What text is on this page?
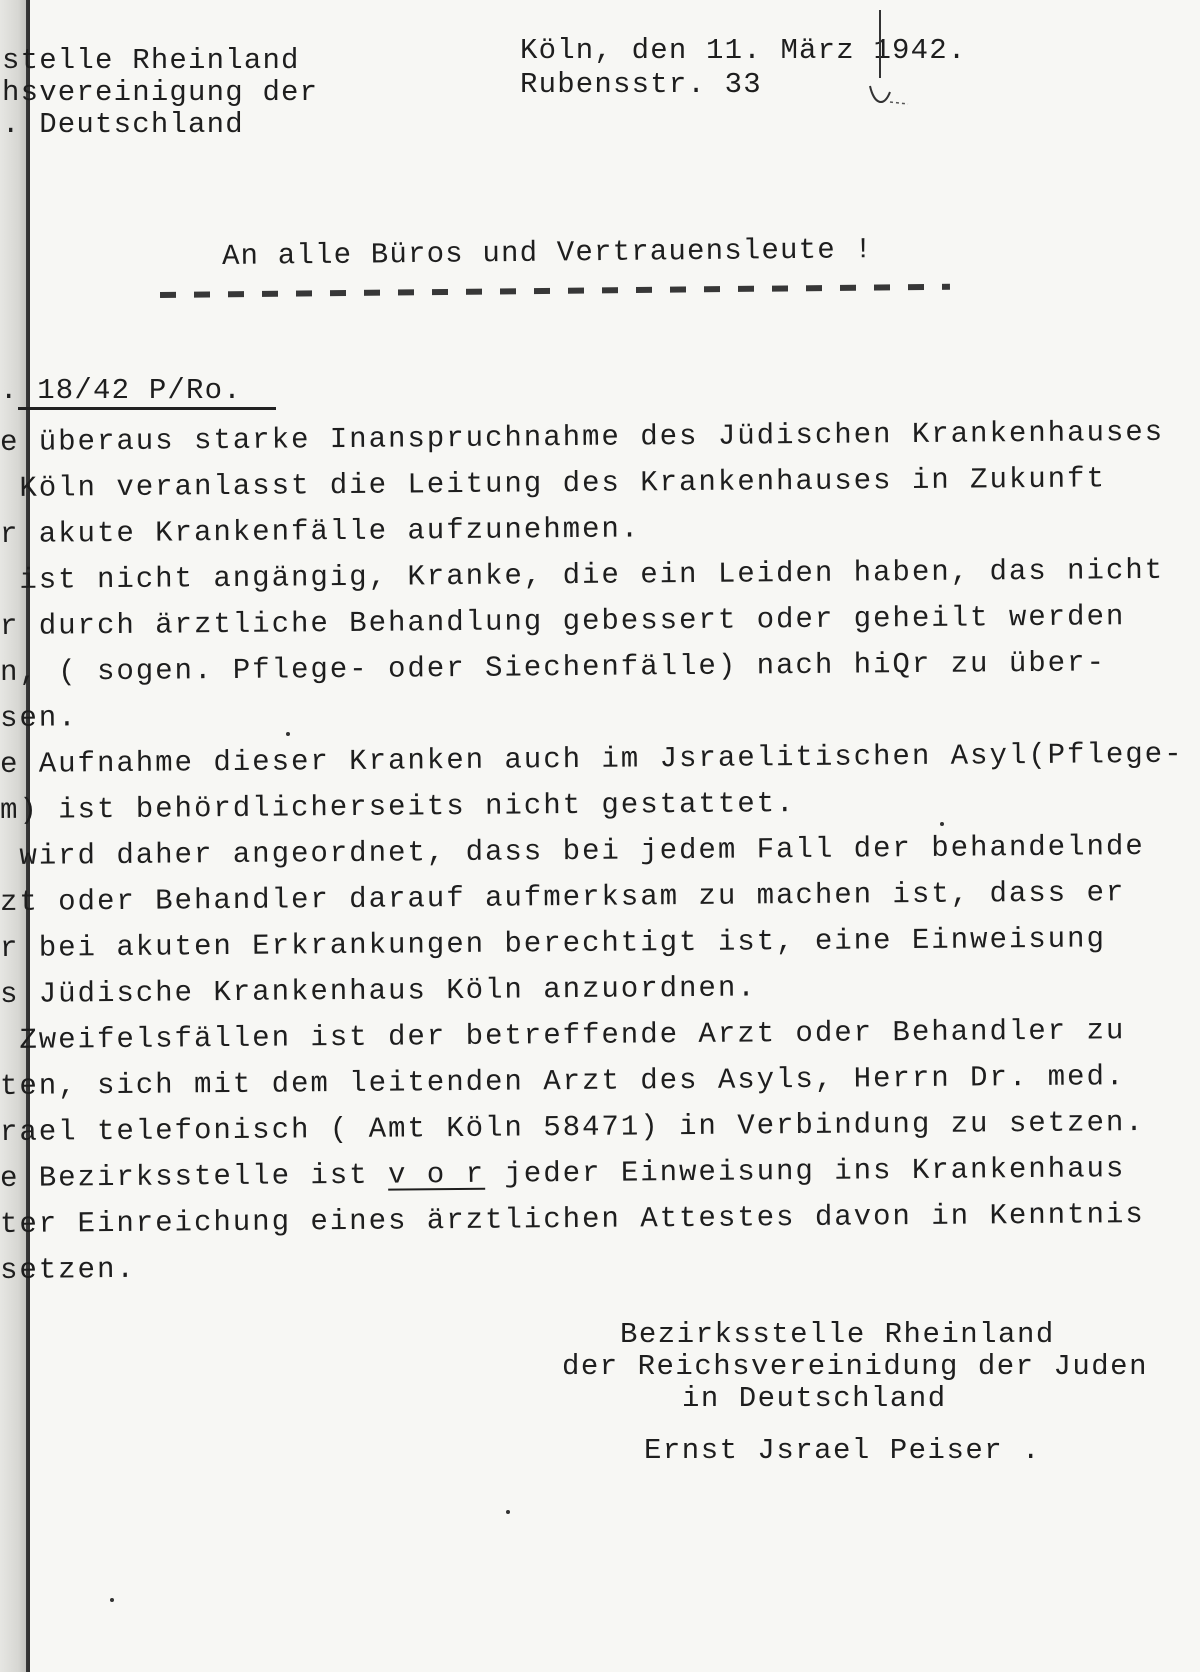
stelle Rheinland
hsvereinigung der
. Deutschland
Köln, den 11. März 1942.
Rubensstr. 33
An alle Büros und Vertrauensleute !
. 18/42 P/Ro.
e überaus starke Inanspruchnahme des Jüdischen Krankenhauses
Köln veranlasst die Leitung des Krankenhauses in Zukunft
r akute Krankenfälle aufzunehmen.
ist nicht angängig, Kranke, die ein Leiden haben, das nicht
r durch ärztliche Behandlung gebessert oder geheilt werden
n, ( sogen. Pflege- oder Siechenfälle) nach hiQr zu über-
sen.
e Aufnahme dieser Kranken auch im Jsraelitischen Asyl(Pflege-
m) ist behördlicherseits nicht gestattet.
wird daher angeordnet, dass bei jedem Fall der behandelnde
zt oder Behandler darauf aufmerksam zu machen ist, dass er
r bei akuten Erkrankungen berechtigt ist, eine Einweisung
s Jüdische Krankenhaus Köln anzuordnen.
Zweifelsfällen ist der betreffende Arzt oder Behandler zu
ten, sich mit dem leitenden Arzt des Asyls, Herrn Dr. med.
rael telefonisch ( Amt Köln 58471) in Verbindung zu setzen.
e Bezirksstelle ist v o r jeder Einweisung ins Krankenhaus
ter Einreichung eines ärztlichen Attestes davon in Kenntnis
setzen.
Bezirksstelle Rheinland
der Reichsvereinidung der Juden
in Deutschland
Ernst Jsrael Peiser .
